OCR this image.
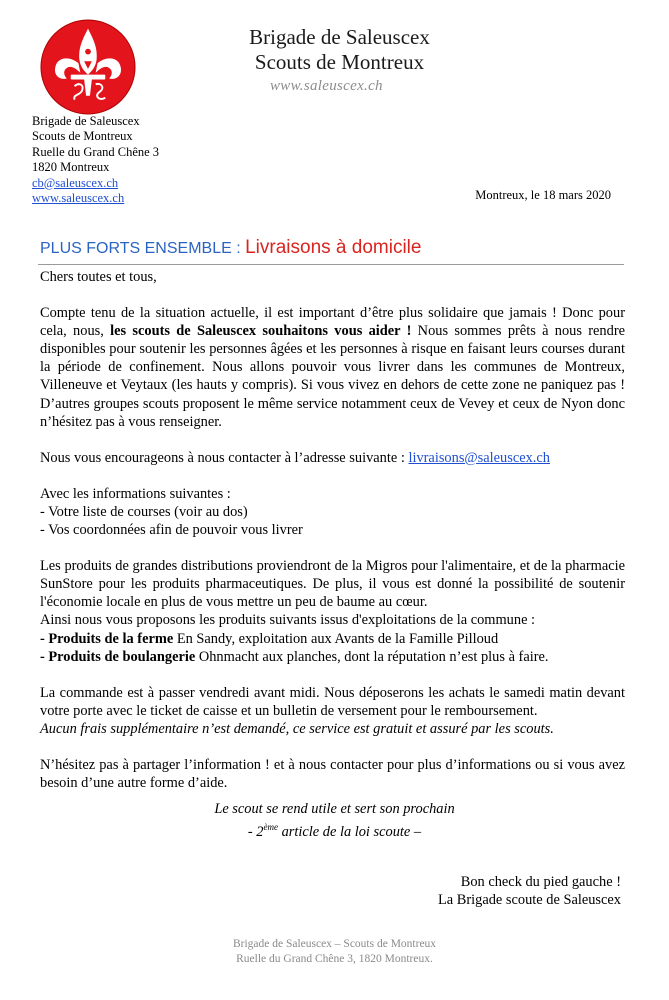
Brigade de Saleuscex
Scouts de Montreux
www.saleuscex.ch
Brigade de Saleuscex
Scouts de Montreux
Ruelle du Grand Chêne 3
1820 Montreux
cb@saleuscex.ch
www.saleuscex.ch	Montreux, le 18 mars 2020
PLUS FORTS ENSEMBLE : Livraisons à domicile

Chers toutes et tous,

Compte tenu de la situation actuelle, il est important d’être plus solidaire que jamais ! Donc pour cela, nous, les scouts de Saleuscex souhaitons vous aider ! Nous sommes prêts à nous rendre disponibles pour soutenir les personnes âgées et les personnes à risque en faisant leurs courses durant la période de confinement. Nous allons pouvoir vous livrer dans les communes de Montreux, Villeneuve et Veytaux (les hauts y compris). Si vous vivez en dehors de cette zone ne paniquez pas ! D’autres groupes scouts proposent le même service notamment ceux de Vevey et ceux de Nyon donc n’hésitez pas à vous renseigner.

Nous vous encourageons à nous contacter à l’adresse suivante : livraisons@saleuscex.ch

Avec les informations suivantes :

- Votre liste de courses (voir au dos)

- Vos coordonnées afin de pouvoir vous livrer

Les produits de grandes distributions proviendront de la Migros pour l'alimentaire, et de la pharmacie SunStore pour les produits pharmaceutiques. De plus, il vous est donné la possibilité de soutenir l'économie locale en plus de vous mettre un peu de baume au cœur.

Ainsi nous vous proposons les produits suivants issus d'exploitations de la commune :

- Produits de la ferme En Sandy, exploitation aux Avants de la Famille Pilloud

- Produits de boulangerie Ohnmacht aux planches, dont la réputation n’est plus à faire.

La commande est à passer vendredi avant midi. Nous déposerons les achats le samedi matin devant votre porte avec le ticket de caisse et un bulletin de versement pour le remboursement.

Aucun frais supplémentaire n’est demandé, ce service est gratuit et assuré par les scouts.

N’hésitez pas à partager l’information ! et à nous contacter pour plus d’informations ou si vous avez besoin d’une autre forme d’aide.

Le scout se rend utile et sert son prochain
- 2ème article de la loi scoute –
Bon check du pied gauche !
La Brigade scoute de Saleuscex
Brigade de Saleuscex – Scouts de Montreux
Ruelle du Grand Chêne 3, 1820 Montreux.
